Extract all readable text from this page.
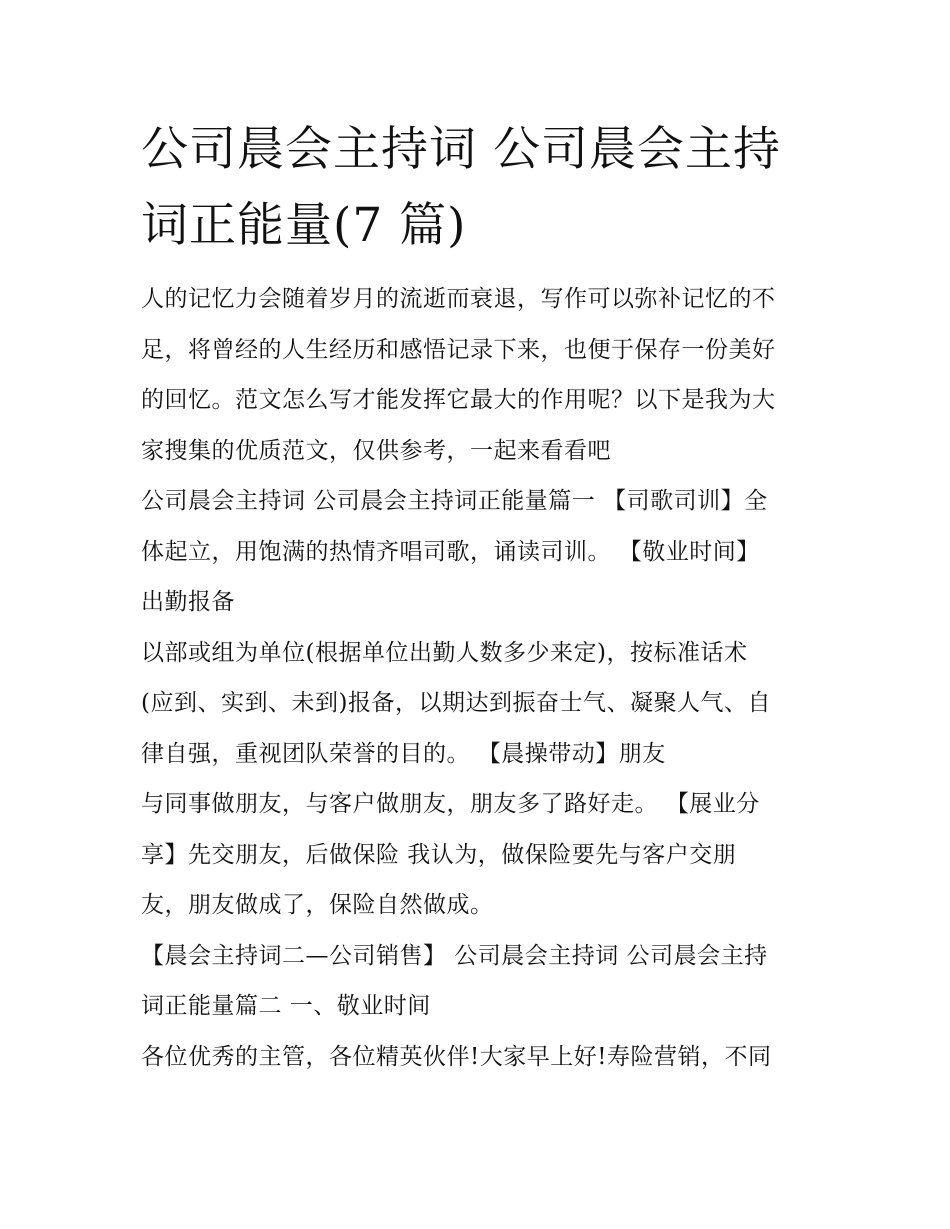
公司晨会主持词 公司晨会主持
词正能量(7 篇)
人的记忆力会随着岁月的流逝而衰退，写作可以弥补记忆的不
足，将曾经的人生经历和感悟记录下来，也便于保存一份美好
的回忆。范文怎么写才能发挥它最大的作用呢？以下是我为大
家搜集的优质范文，仅供参考，一起来看看吧
公司晨会主持词 公司晨会主持词正能量篇一 【司歌司训】全
体起立，用饱满的热情齐唱司歌，诵读司训。 【敬业时间】
出勤报备
以部或组为单位(根据单位出勤人数多少来定)，按标准话术
(应到、实到、未到)报备，以期达到振奋士气、凝聚人气、自
律自强，重视团队荣誉的目的。 【晨操带动】朋友
与同事做朋友，与客户做朋友，朋友多了路好走。 【展业分
享】先交朋友，后做保险 我认为，做保险要先与客户交朋
友，朋友做成了，保险自然做成。
【晨会主持词二—公司销售】 公司晨会主持词 公司晨会主持
词正能量篇二 一、敬业时间
各位优秀的主管，各位精英伙伴!大家早上好!寿险营销，不同
